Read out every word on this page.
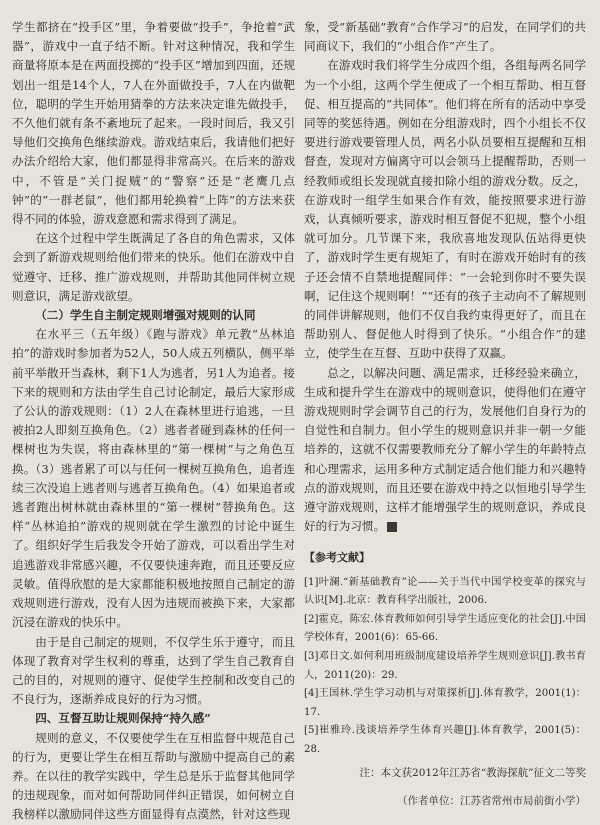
学生都挤在“投手区”里，争着要做“投手”，争抢着“武器”，游戏中一直子结不断。针对这种情况，我和学生商量将原本是在两面投掷的“投手区”增加到四面，还规划出一组是14个人，7人在外面做投手，7人在内做靶位，聪明的学生开始用猜拳的方法来决定谁先做投手，不久他们就有条不紊地玩了起来。一段时间后，我又引导他们交换角色继续游戏。游戏结束后，我请他们把好办法介绍给大家，他们都显得非常高兴。在后来的游戏中，不管是“关门捉贼”的“警察”还是“老鹰几点钟”的“一群老鼠”，他们都用轮换着“上阵”的方法来获得不同的体验，游戏意愿和需求得到了满足。

在这个过程中学生既满足了各自的角色需求，又体会到了新游戏规则给他们带来的快乐。他们在游戏中自觉遵守、迁移、推广游戏规则，并帮助其他同伴树立规则意识，满足游戏欲望。

（二）学生自主制定规则增强对规则的认同

在水平三（五年级）《跑与游戏》单元教“丛林追拍”的游戏时参加者为52人，50人成五列横队，侧平举前平举散开当森林，剩下1人为逃者，另1人为追者。接下来的规则和方法由学生自己讨论制定，最后大家形成了公认的游戏规则：（1）2人在森林里进行追逃，一旦被拍2人即刻互换角色。（2）逃者者碰到森林的任何一棵树也为失误，将由森林里的“第一棵树”与之角色互换。（3）逃者累了可以与任何一棵树互换角色，追者连续三次没追上逃者则与逃者互换角色。（4）如果追者或逃者跑出树林就由森林里的“第一棵树”替换角色。这样“丛林追拍”游戏的规则就在学生激烈的讨论中诞生了。组织好学生后我发令开始了游戏，可以看出学生对追逃游戏非常感兴趣，不仅要快速奔跑，而且还要反应灵敏。值得欣慰的是大家都能积极地按照自己制定的游戏规则进行游戏，没有人因为违规而被换下来，大家都沉浸在游戏的快乐中。

由于是自己制定的规则，不仅学生乐于遵守，而且体现了教育对学生权利的尊重，达到了学生自己教育自己的目的，对规则的遵守、促使学生控制和改变自己的不良行为，逐渐养成良好的行为习惯。

四、互督互助让规则保持“持久感”

规则的意义，不仅要使学生在互相监督中规范自己的行为，更要让学生在相互帮助与激励中提高自己的素养。在以往的教学实践中，学生总是乐于监督其他同学的违规现象，而对如何帮助同伴纠正错误，如何树立自我榜样以激励同伴这些方面显得有点漠然，针对这些现

象，受“新基础”教育“合作学习”的启发，在同学们的共同商议下，我们的“小组合作”产生了。

在游戏时我们将学生分成四个组，各组每两名同学为一个小组，这两个学生便成了一个相互帮助、相互督促、相互提高的“共同体”。他们将在所有的活动中享受同等的奖惩待遇。例如在分组游戏时，四个小组长不仅要进行游戏要管理人员，两名小队员要相互提醒和互相督查，发现对方偏离守可以会领马上提醒帮助，否则一经教师或组长发现就直接扣除小组的游戏分数。反之，在游戏时一组学生如果合作有效，能按照要求进行游戏，认真倾听要求，游戏时相互督促不犯规，整个小组就可加分。几节课下来，我欣喜地发现队伍站得更快了，游戏时学生更有规矩了，有时在游戏开始时有的孩子还会情不自禁地提醒同伴：“一会轮到你时不要失误啊，记住这个规则啊！”“还有的孩子主动向不了解规则的同伴讲解规则，他们不仅自我约束得更好了，而且在帮助别人、督促他人时得到了快乐。“小组合作”的建立，使学生在互督、互助中获得了双赢。

总之，以解决问题、满足需求，迁移经验来确立，生成和提升学生在游戏中的规则意识，使得他们在遵守游戏规则时学会调节自己的行为，发展他们自身行为的自觉性和自制力。但小学生的规则意识并非一朝一夕能培养的，这就不仅需要教师充分了解小学生的年龄特点和心理需求，运用多种方式制定适合他们能力和兴趣特点的游戏规则，而且还要在游戏中持之以恒地引导学生遵守游戏规则，这样才能增强学生的规则意识，养成良好的行为习惯。

【参考文献】
[1]叶澜.“新基础教育”论——关于当代中国学校变革的探究与认识[M].北京：教育科学出版社，2006.
[2]霍克，陈宏.体育教师如何引导学生适应变化的社会[J].中国学校体育，2001(6)：65-66.
[3]邓日文.如何利用班级制度建设培养学生规则意识[J].教书育人，2011(20)：29.
[4]王国林.学生学习动机与对策探析[J].体育教学，2001(1)：17.
[5]崔雅玲.浅谈培养学生体育兴趣[J].体育教学，2001(5)：28.
注：本文获2012年江苏省“教海探航”征文二等奖
（作者单位：江苏省常州市局前街小学）
